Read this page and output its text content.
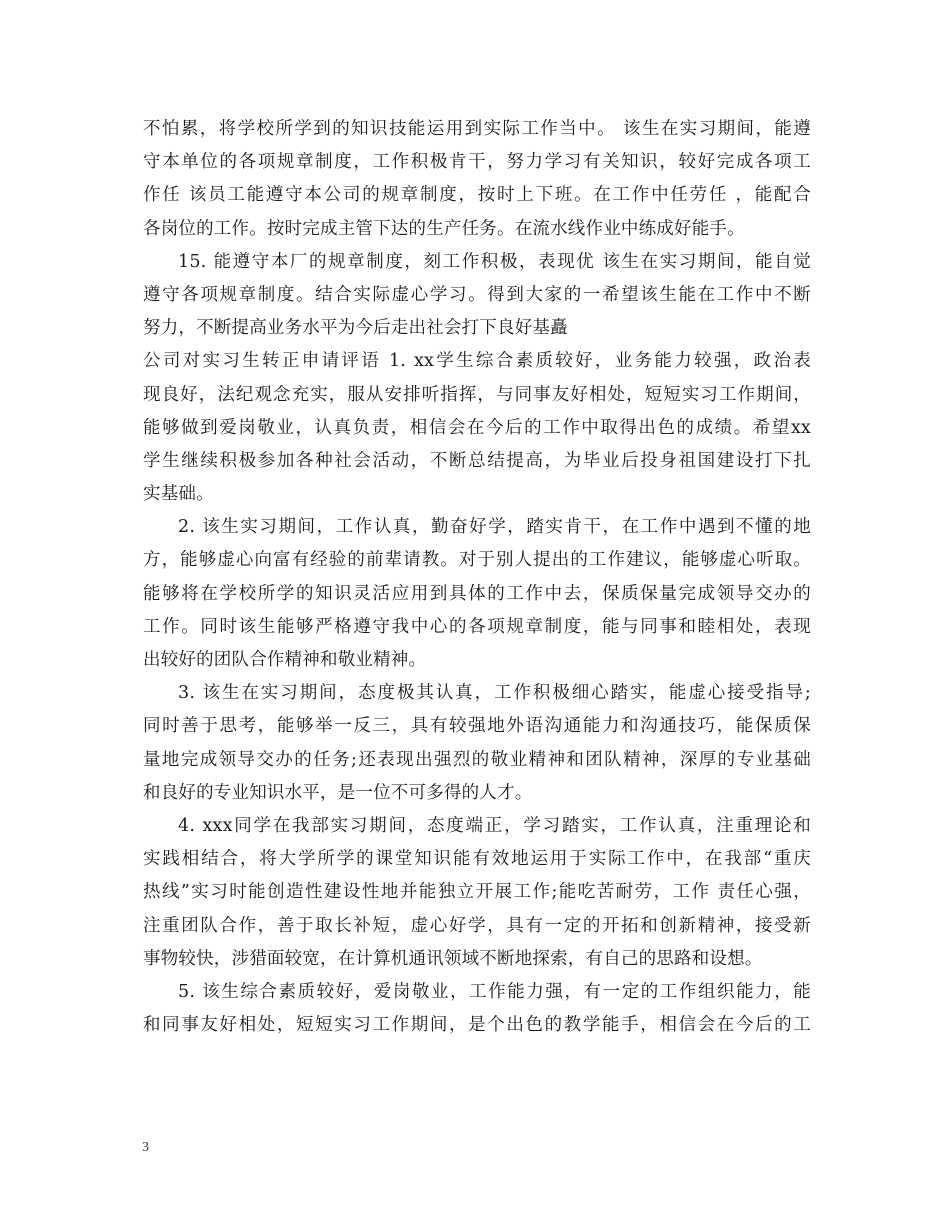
不怕累，将学校所学到的知识技能运用到实际工作当中。 该生在实习期间，能遵
守本单位的各项规章制度，工作积极肯干，努力学习有关知识，较好完成各项工
作任 该员工能遵守本公司的规章制度，按时上下班。在工作中任劳任 ，能配合
各岗位的工作。按时完成主管下达的生产任务。在流水线作业中练成好能手。
15. 能遵守本厂的规章制度，刻工作积极，表现优 该生在实习期间，能自觉
遵守各项规章制度。结合实际虚心学习。得到大家的一希望该生能在工作中不断
努力，不断提高业务水平为今后走出社会打下良好基矗
公司对实习生转正申请评语 1. xx学生综合素质较好，业务能力较强，政治表
现良好，法纪观念充实，服从安排听指挥，与同事友好相处，短短实习工作期间，
能够做到爱岗敬业，认真负责，相信会在今后的工作中取得出色的成绩。希望xx
学生继续积极参加各种社会活动，不断总结提高，为毕业后投身祖国建设打下扎
实基础。
2. 该生实习期间，工作认真，勤奋好学，踏实肯干，在工作中遇到不懂的地
方，能够虚心向富有经验的前辈请教。对于别人提出的工作建议，能够虚心听取。
能够将在学校所学的知识灵活应用到具体的工作中去，保质保量完成领导交办的
工作。同时该生能够严格遵守我中心的各项规章制度，能与同事和睦相处，表现
出较好的团队合作精神和敬业精神。
3. 该生在实习期间，态度极其认真，工作积极细心踏实，能虚心接受指导;
同时善于思考，能够举一反三，具有较强地外语沟通能力和沟通技巧，能保质保
量地完成领导交办的任务;还表现出强烈的敬业精神和团队精神，深厚的专业基础
和良好的专业知识水平，是一位不可多得的人才。
4. xxx同学在我部实习期间，态度端正，学习踏实，工作认真，注重理论和
实践相结合，将大学所学的课堂知识能有效地运用于实际工作中，在我部“重庆
热线”实习时能创造性建设性地并能独立开展工作;能吃苦耐劳，工作 责任心强，
注重团队合作，善于取长补短，虚心好学，具有一定的开拓和创新精神，接受新
事物较快，涉猎面较宽，在计算机通讯领域不断地探索，有自己的思路和设想。
5. 该生综合素质较好，爱岗敬业，工作能力强，有一定的工作组织能力，能
和同事友好相处，短短实习工作期间，是个出色的教学能手，相信会在今后的工
3
